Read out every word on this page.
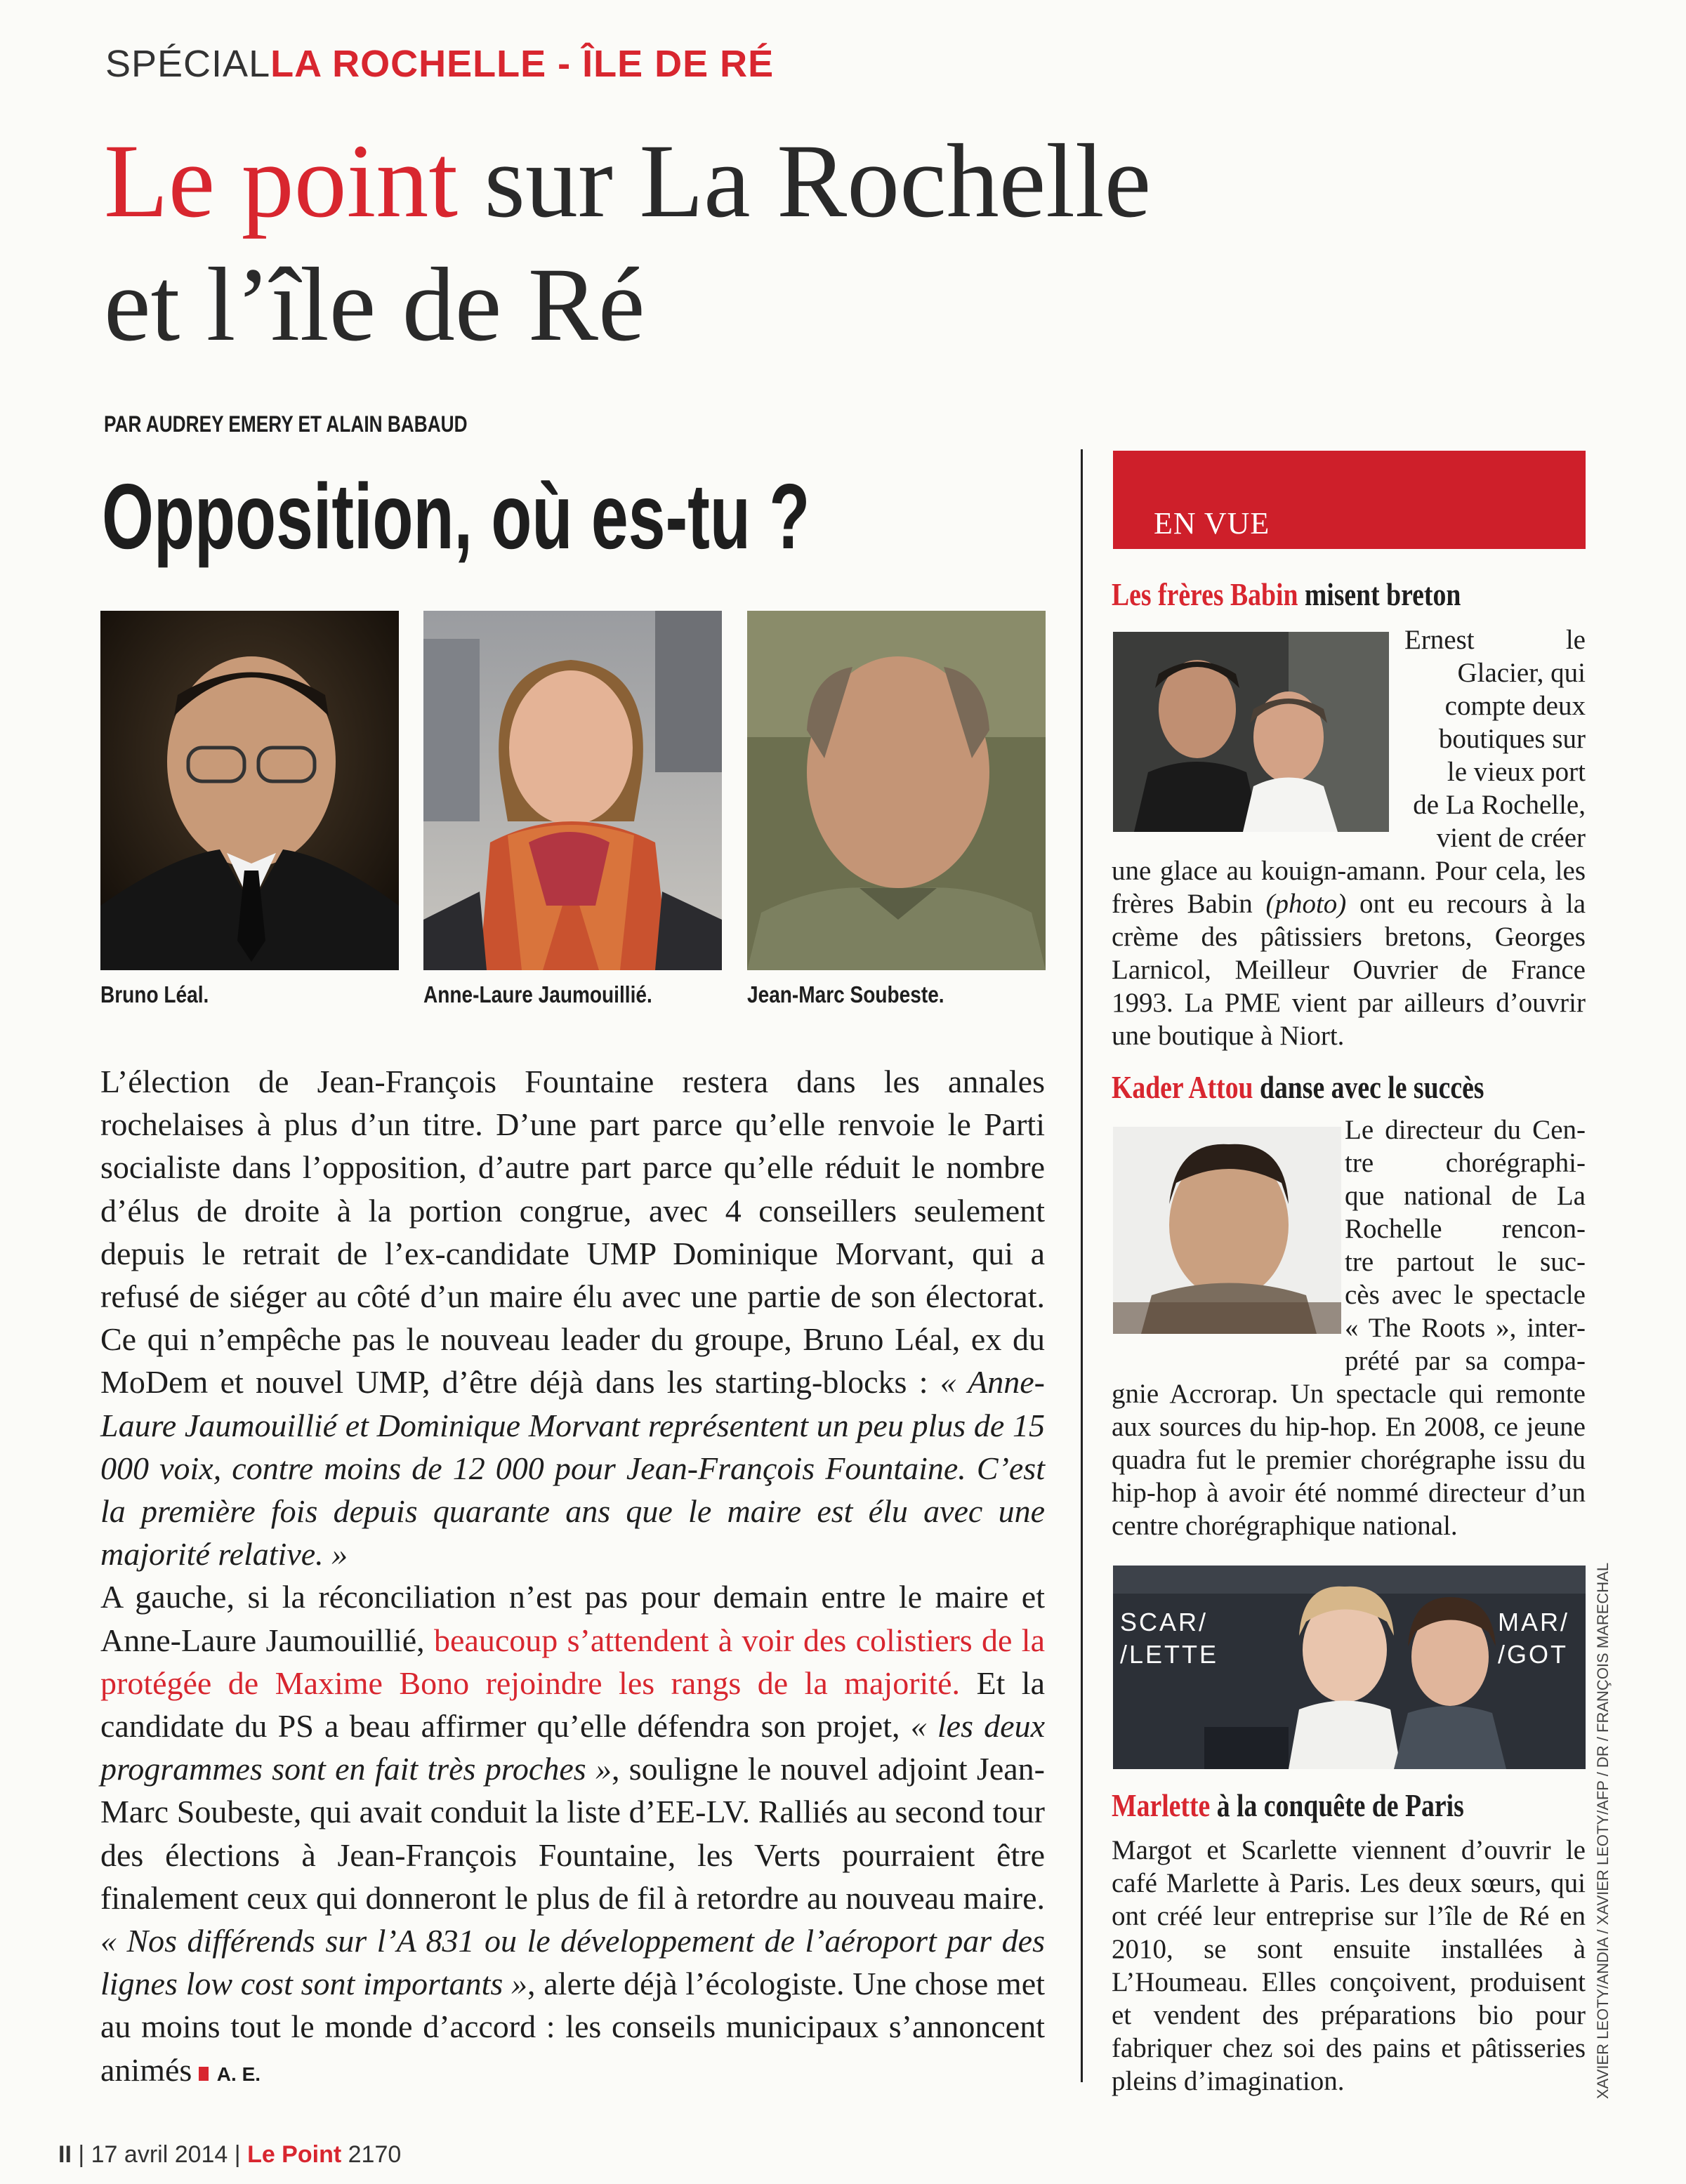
SPÉCIALLA ROCHELLE - ÎLE DE RÉ
Le point sur La Rochelle
et l’île de Ré
PAR AUDREY EMERY ET ALAIN BABAUD
Opposition, où es-tu ?
Bruno Léal.	Anne-Laure Jaumouillié.	Jean-Marc Soubeste.

L’élection de Jean-François Fountaine restera dans les annales rochelaises à plus d’un titre. D’une part parce qu’elle renvoie le Parti socialiste dans l’opposition, d’autre part parce qu’elle réduit le nombre d’élus de droite à la portion congrue, avec 4 conseillers seulement depuis le retrait de l’ex-candidate UMP Dominique Morvant, qui a refusé de siéger au côté d’un maire élu avec une partie de son électorat. Ce qui n’empêche pas le nouveau leader du groupe, Bruno Léal, ex du MoDem et nouvel UMP, d’être déjà dans les starting-blocks : « Anne-Laure Jaumouillié et Dominique Morvant représentent un peu plus de 15 000 voix, contre moins de 12 000 pour Jean-François Fountaine. C’est la première fois depuis quarante ans que le maire est élu avec une majorité relative. »

A gauche, si la réconciliation n’est pas pour demain entre le maire et Anne-Laure Jaumouillié, beaucoup s’attendent à voir des colistiers de la protégée de Maxime Bono rejoindre les rangs de la majorité. Et la candidate du PS a beau affirmer qu’elle défendra son projet, « les deux programmes sont en fait très proches », souligne le nouvel adjoint Jean-Marc Soubeste, qui avait conduit la liste d’EE-LV. Ralliés au second tour des élections à Jean-François Fountaine, les Verts pourraient être finalement ceux qui donneront le plus de fil à retordre au nouveau maire. « Nos différends sur l’A 831 ou le développement de l’aéroport par des lignes low cost sont importants », alerte déjà l’écologiste. Une chose met au moins tout le monde d’accord : les conseils municipaux s’annoncent animés A. E.

EN VUE
Les frères Babin misent breton
Ernest le
Glacier, qui
compte deux
boutiques sur
le vieux port
de La Rochelle,
vient de créer
une glace au kouign-amann. Pour cela, les frères Babin (photo) ont eu recours à la crème des pâtissiers bretons, Georges Larnicol, Meilleur Ouvrier de France 1993. La PME vient par ailleurs d’ouvrir une boutique à Niort.
Kader Attou danse avec le succès
Le directeur du Cen-
tre chorégraphi-
que national de La
Rochelle rencon-
tre partout le suc-
cès avec le spectacle
« The Roots », inter-
prété par sa compa-
gnie Accrorap. Un spectacle qui remonte aux sources du hip-hop. En 2008, ce jeune quadra fut le premier chorégraphe issu du hip-hop à avoir été nommé directeur d’un centre chorégraphique national.
SCAR/
/LETTE
MAR/
/GOT
Marlette à la conquête de Paris
Margot et Scarlette viennent d’ouvrir le café Marlette à Paris. Les deux sœurs, qui ont créé leur entreprise sur l’île de Ré en 2010, se sont ensuite installées à L’Houmeau. Elles conçoivent, produisent et vendent des préparations bio pour fabriquer chez soi des pains et pâtisseries pleins d’imagination.	XAVIER LEOTY/ANDIA / XAVIER LEOTY/AFP / DR / FRANÇOIS MARECHAL
II | 17 avril 2014 | Le Point 2170
